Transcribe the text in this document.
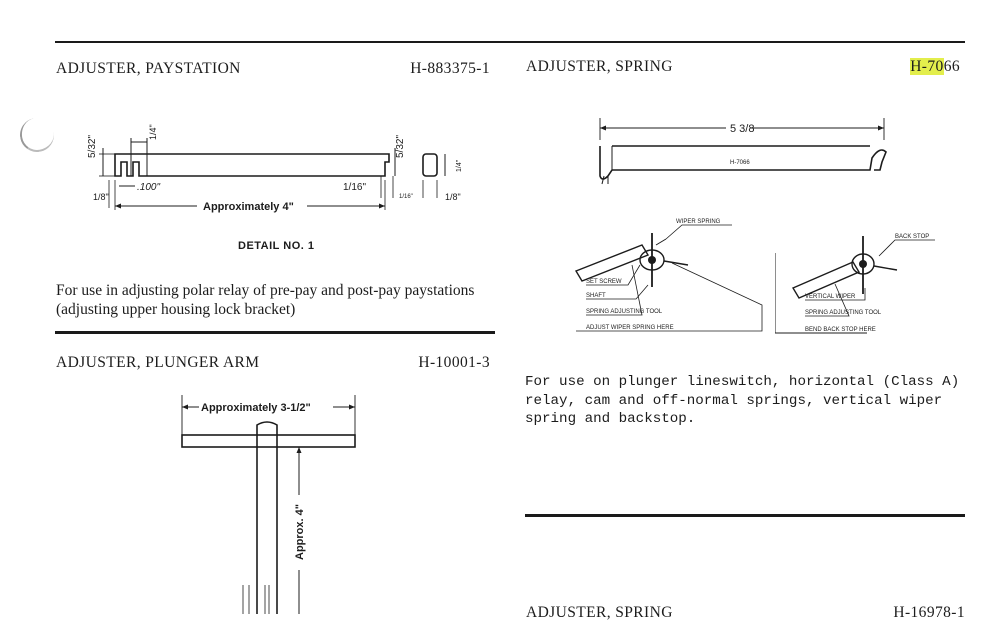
ADJUSTER, PAYSTATION	H-883375-1
5/32"
1/4"
.100"
5/32"
1/16"
1/16"
1/8"
Approximately 4"
1/4"
1/8"
DETAIL NO. 1
For use in adjusting polar relay of pre-pay and post-pay paystations (adjusting upper housing lock bracket)
ADJUSTER, PLUNGER ARM	H-10001-3
Approximately 3-1/2"
Approx. 4"
ADJUSTER, SPRING	H-7066
5 3/8
H-7066
WIPER SPRING
SET SCREW
SHAFT
SPRING ADJUSTING TOOL
ADJUST WIPER SPRING HERE
BACK STOP
VERTICAL WIPER
SPRING ADJUSTING TOOL
BEND BACK STOP HERE
For use on plunger lineswitch, horizontal (Class A) relay, cam and off-normal springs, vertical wiper spring and backstop.
ADJUSTER, SPRING	H-16978-1
